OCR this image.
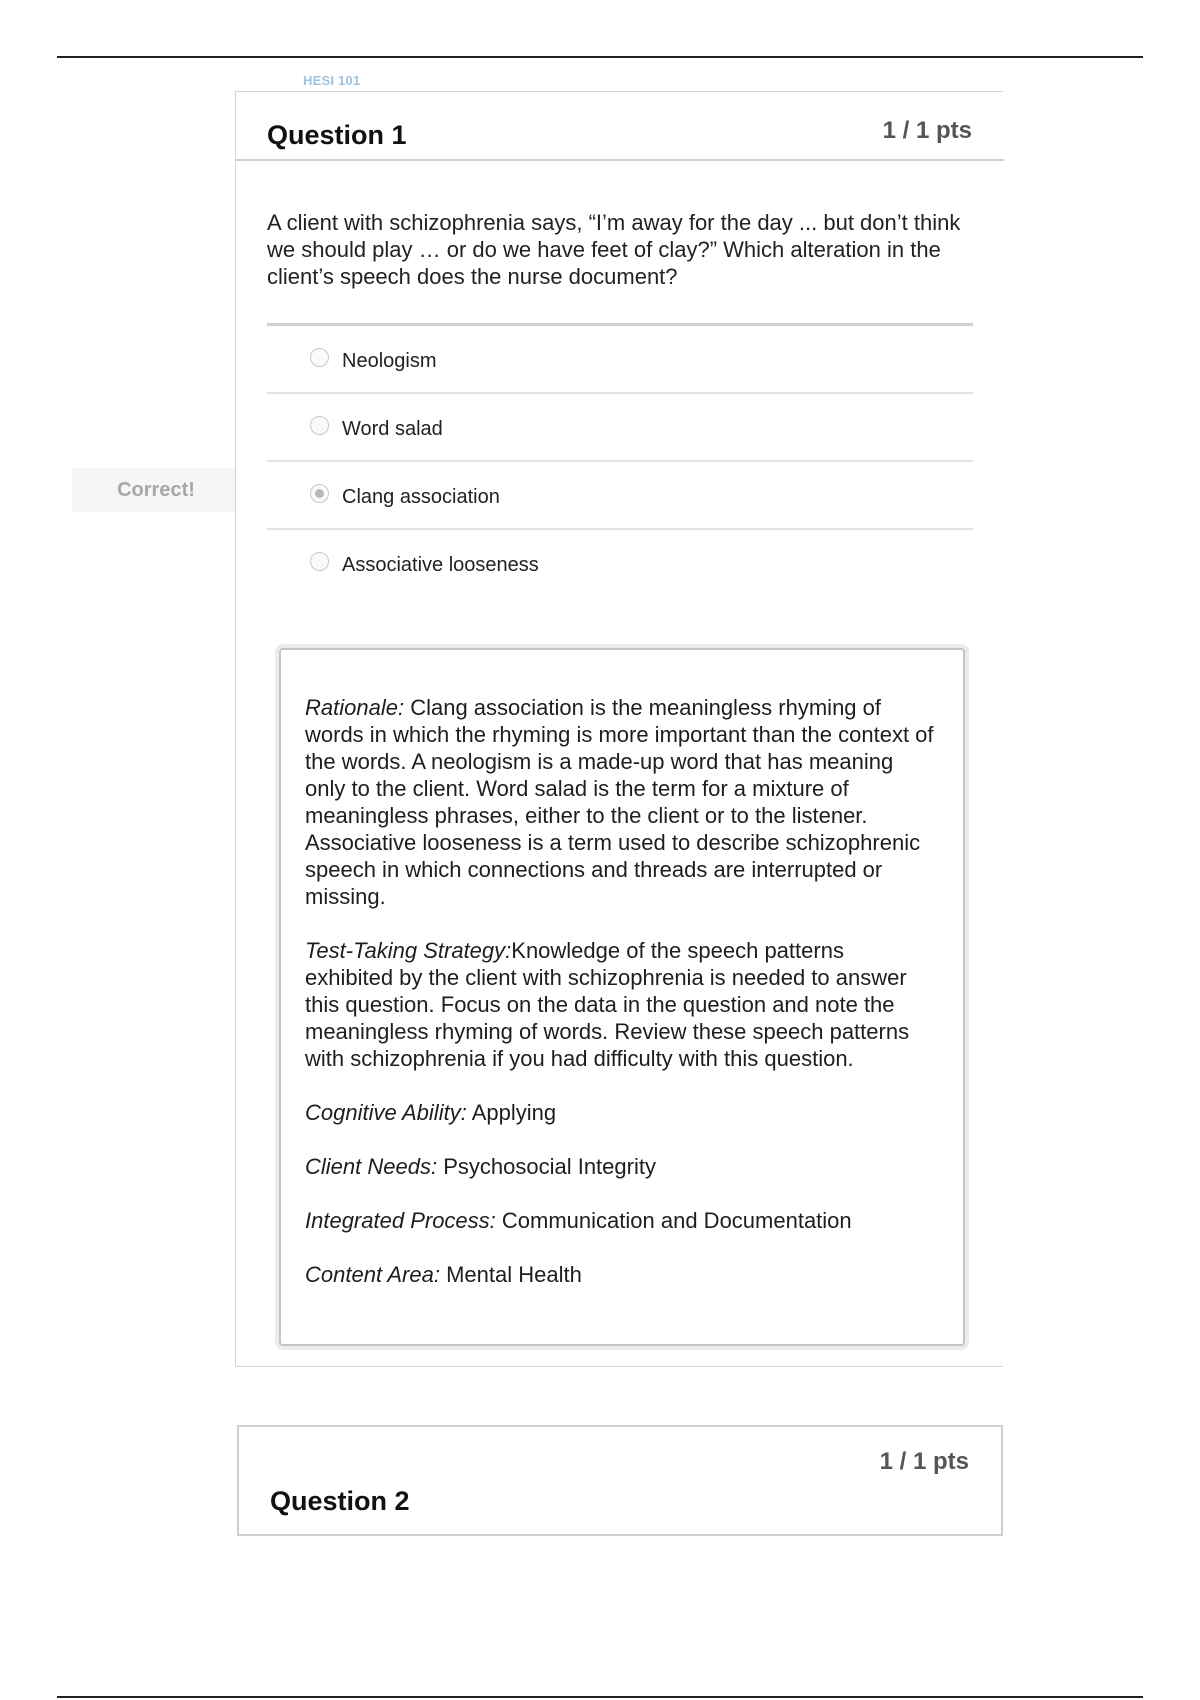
HESI 101
Correct!
Question 1	1 / 1 pts
A client with schizophrenia says, “I’m away for the day ... but don’t think we should play … or do we have feet of clay?” Which alteration in the client’s speech does the nurse document?
Neologism
Word salad
Clang association
Associative looseness

Rationale: Clang association is the meaningless rhyming of words in which the rhyming is more important than the context of the words. A neologism is a made-up word that has meaning only to the client. Word salad is the term for a mixture of meaningless phrases, either to the client or to the listener. Associative looseness is a term used to describe schizophrenic speech in which connections and threads are interrupted or missing.

Test-Taking Strategy:Knowledge of the speech patterns exhibited by the client with schizophrenia is needed to answer this question. Focus on the data in the question and note the meaningless rhyming of words. Review these speech patterns with schizophrenia if you had difficulty with this question.

Cognitive Ability: Applying

Client Needs: Psychosocial Integrity

Integrated Process: Communication and Documentation

Content Area: Mental Health

1 / 1 pts
Question 2
